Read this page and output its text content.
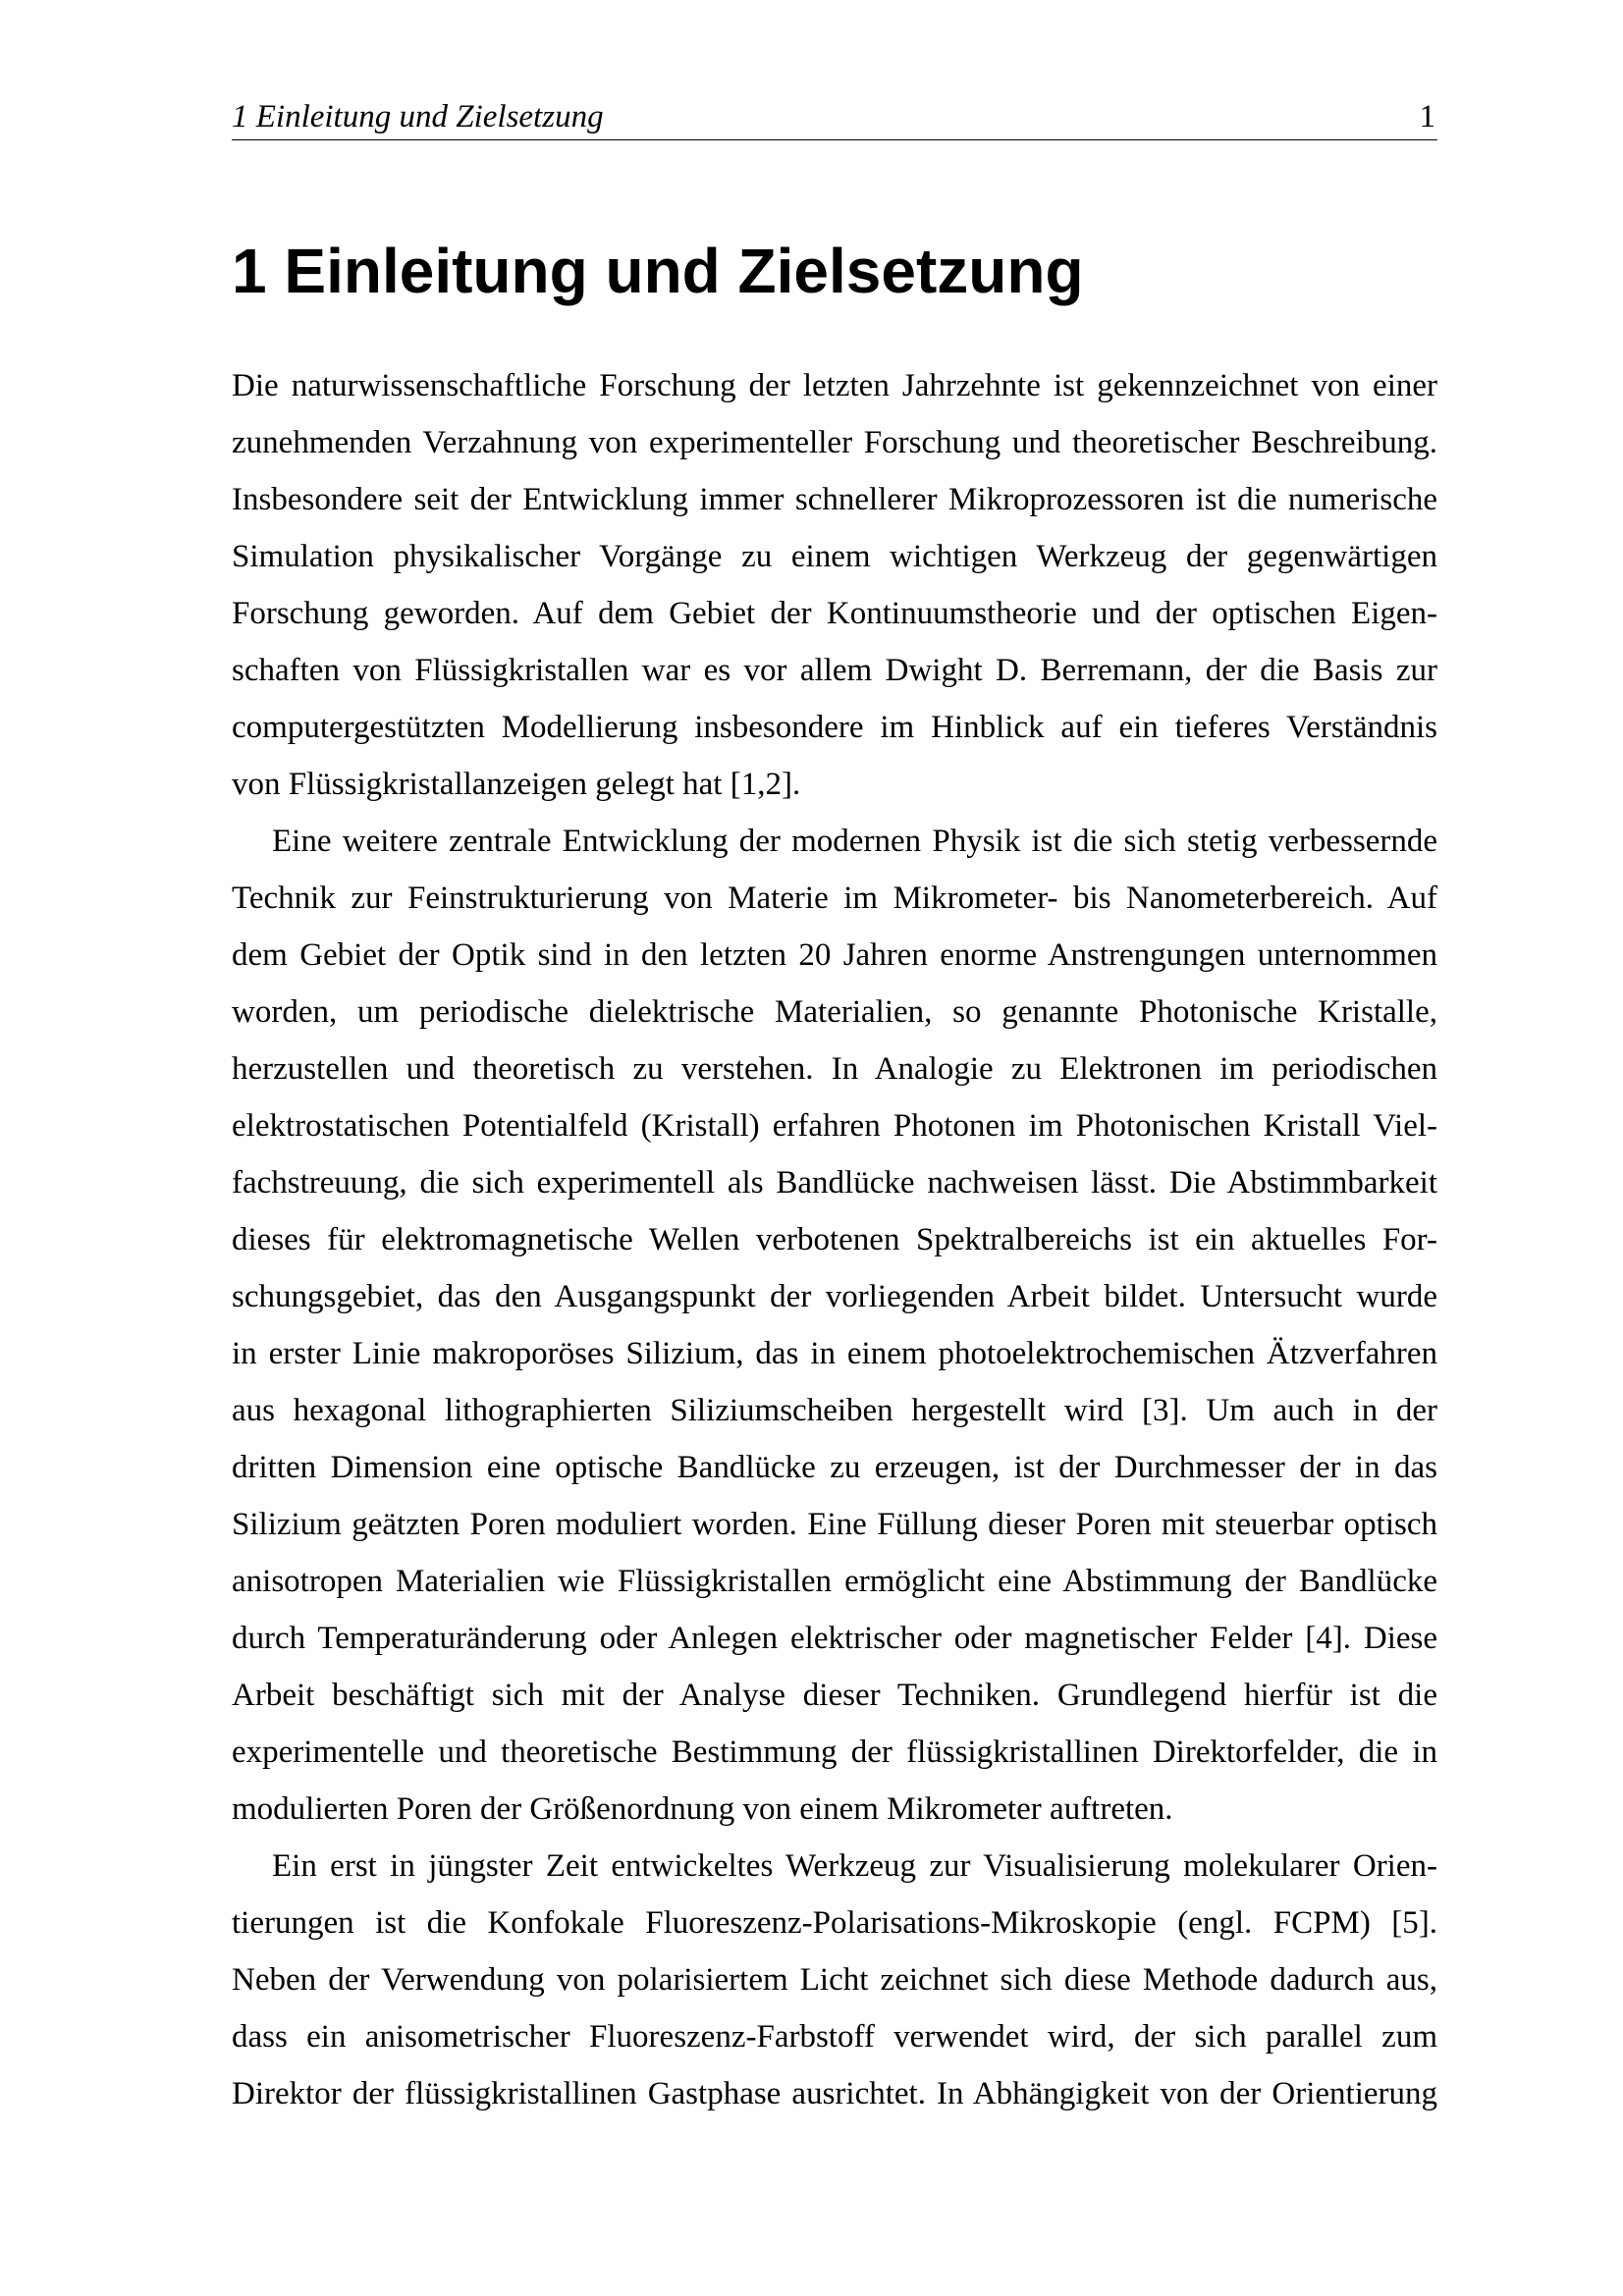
1 Einleitung und Zielsetzung	1
1 Einleitung und Zielsetzung
Die naturwissenschaftliche Forschung der letzten Jahrzehnte ist gekennzeichnet von einer
zunehmenden Verzahnung von experimenteller Forschung und theoretischer Beschreibung.
Insbesondere seit der Entwicklung immer schnellerer Mikroprozessoren ist die numerische
Simulation physikalischer Vorgänge zu einem wichtigen Werkzeug der gegenwärtigen
Forschung geworden. Auf dem Gebiet der Kontinuumstheorie und der optischen Eigen-
schaften von Flüssigkristallen war es vor allem Dwight D. Berremann, der die Basis zur
computergestützten Modellierung insbesondere im Hinblick auf ein tieferes Verständnis
von Flüssigkristallanzeigen gelegt hat [1,2].
Eine weitere zentrale Entwicklung der modernen Physik ist die sich stetig verbessernde
Technik zur Feinstrukturierung von Materie im Mikrometer- bis Nanometerbereich. Auf
dem Gebiet der Optik sind in den letzten 20 Jahren enorme Anstrengungen unternommen
worden, um periodische dielektrische Materialien, so genannte Photonische Kristalle,
herzustellen und theoretisch zu verstehen. In Analogie zu Elektronen im periodischen
elektrostatischen Potentialfeld (Kristall) erfahren Photonen im Photonischen Kristall Viel-
fachstreuung, die sich experimentell als Bandlücke nachweisen lässt. Die Abstimmbarkeit
dieses für elektromagnetische Wellen verbotenen Spektralbereichs ist ein aktuelles For-
schungsgebiet, das den Ausgangspunkt der vorliegenden Arbeit bildet. Untersucht wurde
in erster Linie makroporöses Silizium, das in einem photoelektrochemischen Ätzverfahren
aus hexagonal lithographierten Siliziumscheiben hergestellt wird [3]. Um auch in der
dritten Dimension eine optische Bandlücke zu erzeugen, ist der Durchmesser der in das
Silizium geätzten Poren moduliert worden. Eine Füllung dieser Poren mit steuerbar optisch
anisotropen Materialien wie Flüssigkristallen ermöglicht eine Abstimmung der Bandlücke
durch Temperaturänderung oder Anlegen elektrischer oder magnetischer Felder [4]. Diese
Arbeit beschäftigt sich mit der Analyse dieser Techniken. Grundlegend hierfür ist die
experimentelle und theoretische Bestimmung der flüssigkristallinen Direktorfelder, die in
modulierten Poren der Größenordnung von einem Mikrometer auftreten.
Ein erst in jüngster Zeit entwickeltes Werkzeug zur Visualisierung molekularer Orien-
tierungen ist die Konfokale Fluoreszenz-Polarisations-Mikroskopie (engl. FCPM) [5].
Neben der Verwendung von polarisiertem Licht zeichnet sich diese Methode dadurch aus,
dass ein anisometrischer Fluoreszenz-Farbstoff verwendet wird, der sich parallel zum
Direktor der flüssigkristallinen Gastphase ausrichtet. In Abhängigkeit von der Orientierung
